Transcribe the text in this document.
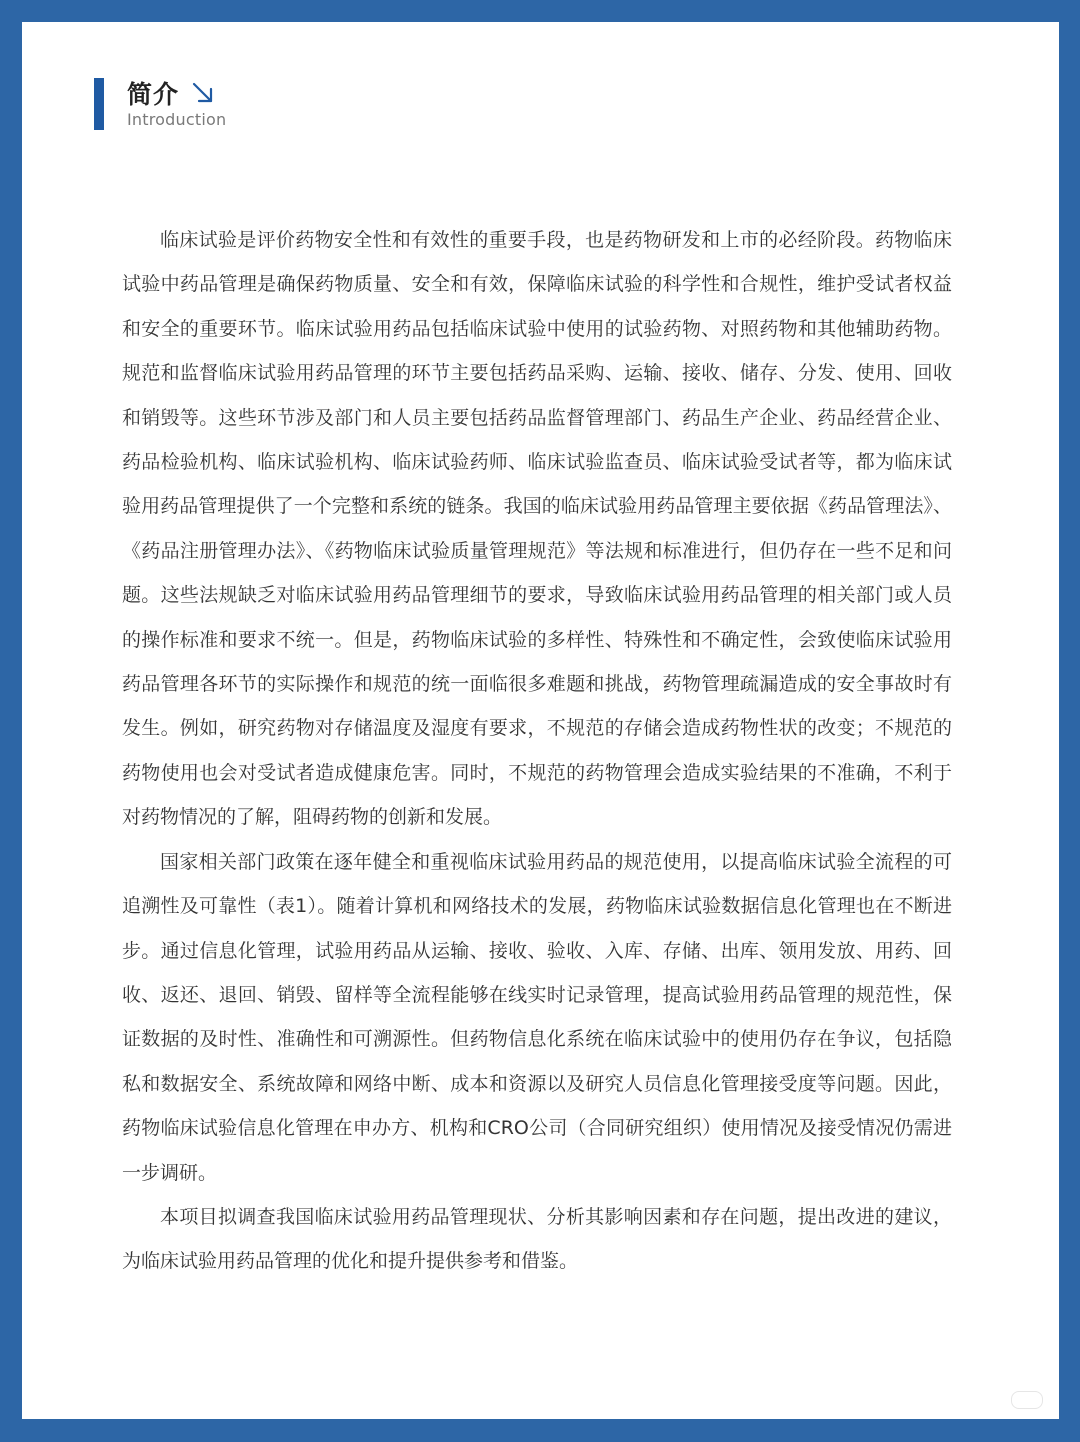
简介
Introduction

临床试验是评价药物安全性和有效性的重要手段，也是药物研发和上市的必经阶段。药物临床试验中药品管理是确保药物质量、安全和有效，保障临床试验的科学性和合规性，维护受试者权益和安全的重要环节。临床试验用药品包括临床试验中使用的试验药物、对照药物和其他辅助药物。规范和监督临床试验用药品管理的环节主要包括药品采购、运输、接收、储存、分发、使用、回收和销毁等。这些环节涉及部门和人员主要包括药品监督管理部门、药品生产企业、药品经营企业、药品检验机构、临床试验机构、临床试验药师、临床试验监查员、临床试验受试者等，都为临床试验用药品管理提供了一个完整和系统的链条。我国的临床试验用药品管理主要依据《药品管理法》、《药品注册管理办法》、《药物临床试验质量管理规范》等法规和标准进行，但仍存在一些不足和问题。这些法规缺乏对临床试验用药品管理细节的要求，导致临床试验用药品管理的相关部门或人员的操作标准和要求不统一。但是，药物临床试验的多样性、特殊性和不确定性，会致使临床试验用药品管理各环节的实际操作和规范的统一面临很多难题和挑战，药物管理疏漏造成的安全事故时有发生。例如，研究药物对存储温度及湿度有要求，不规范的存储会造成药物性状的改变；不规范的药物使用也会对受试者造成健康危害。同时，不规范的药物管理会造成实验结果的不准确，不利于对药物情况的了解，阻碍药物的创新和发展。

国家相关部门政策在逐年健全和重视临床试验用药品的规范使用，以提高临床试验全流程的可追溯性及可靠性（表1）。随着计算机和网络技术的发展，药物临床试验数据信息化管理也在不断进步。通过信息化管理，试验用药品从运输、接收、验收、入库、存储、出库、领用发放、用药、回收、返还、退回、销毁、留样等全流程能够在线实时记录管理，提高试验用药品管理的规范性，保证数据的及时性、准确性和可溯源性。但药物信息化系统在临床试验中的使用仍存在争议，包括隐私和数据安全、系统故障和网络中断、成本和资源以及研究人员信息化管理接受度等问题。因此，药物临床试验信息化管理在申办方、机构和CRO公司（合同研究组织）使用情况及接受情况仍需进一步调研。

本项目拟调查我国临床试验用药品管理现状、分析其影响因素和存在问题，提出改进的建议，为临床试验用药品管理的优化和提升提供参考和借鉴。
